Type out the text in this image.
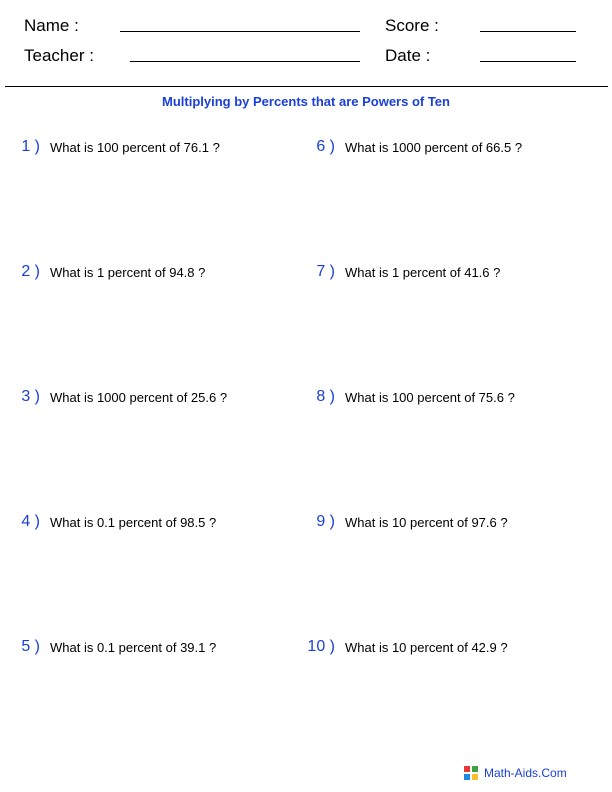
Name :	Score :
Teacher :	Date :
Multiplying by Percents that are Powers of Ten
1 ) What is 100 percent of 76.1 ?
2 ) What is 1 percent of 94.8 ?
3 ) What is 1000 percent of 25.6 ?
4 ) What is 0.1 percent of 98.5 ?
5 ) What is 0.1 percent of 39.1 ?
6 ) What is 1000 percent of 66.5 ?
7 ) What is 1 percent of 41.6 ?
8 ) What is 100 percent of 75.6 ?
9 ) What is 10 percent of 97.6 ?
10 ) What is 10 percent of 42.9 ?
Math-Aids.Com
